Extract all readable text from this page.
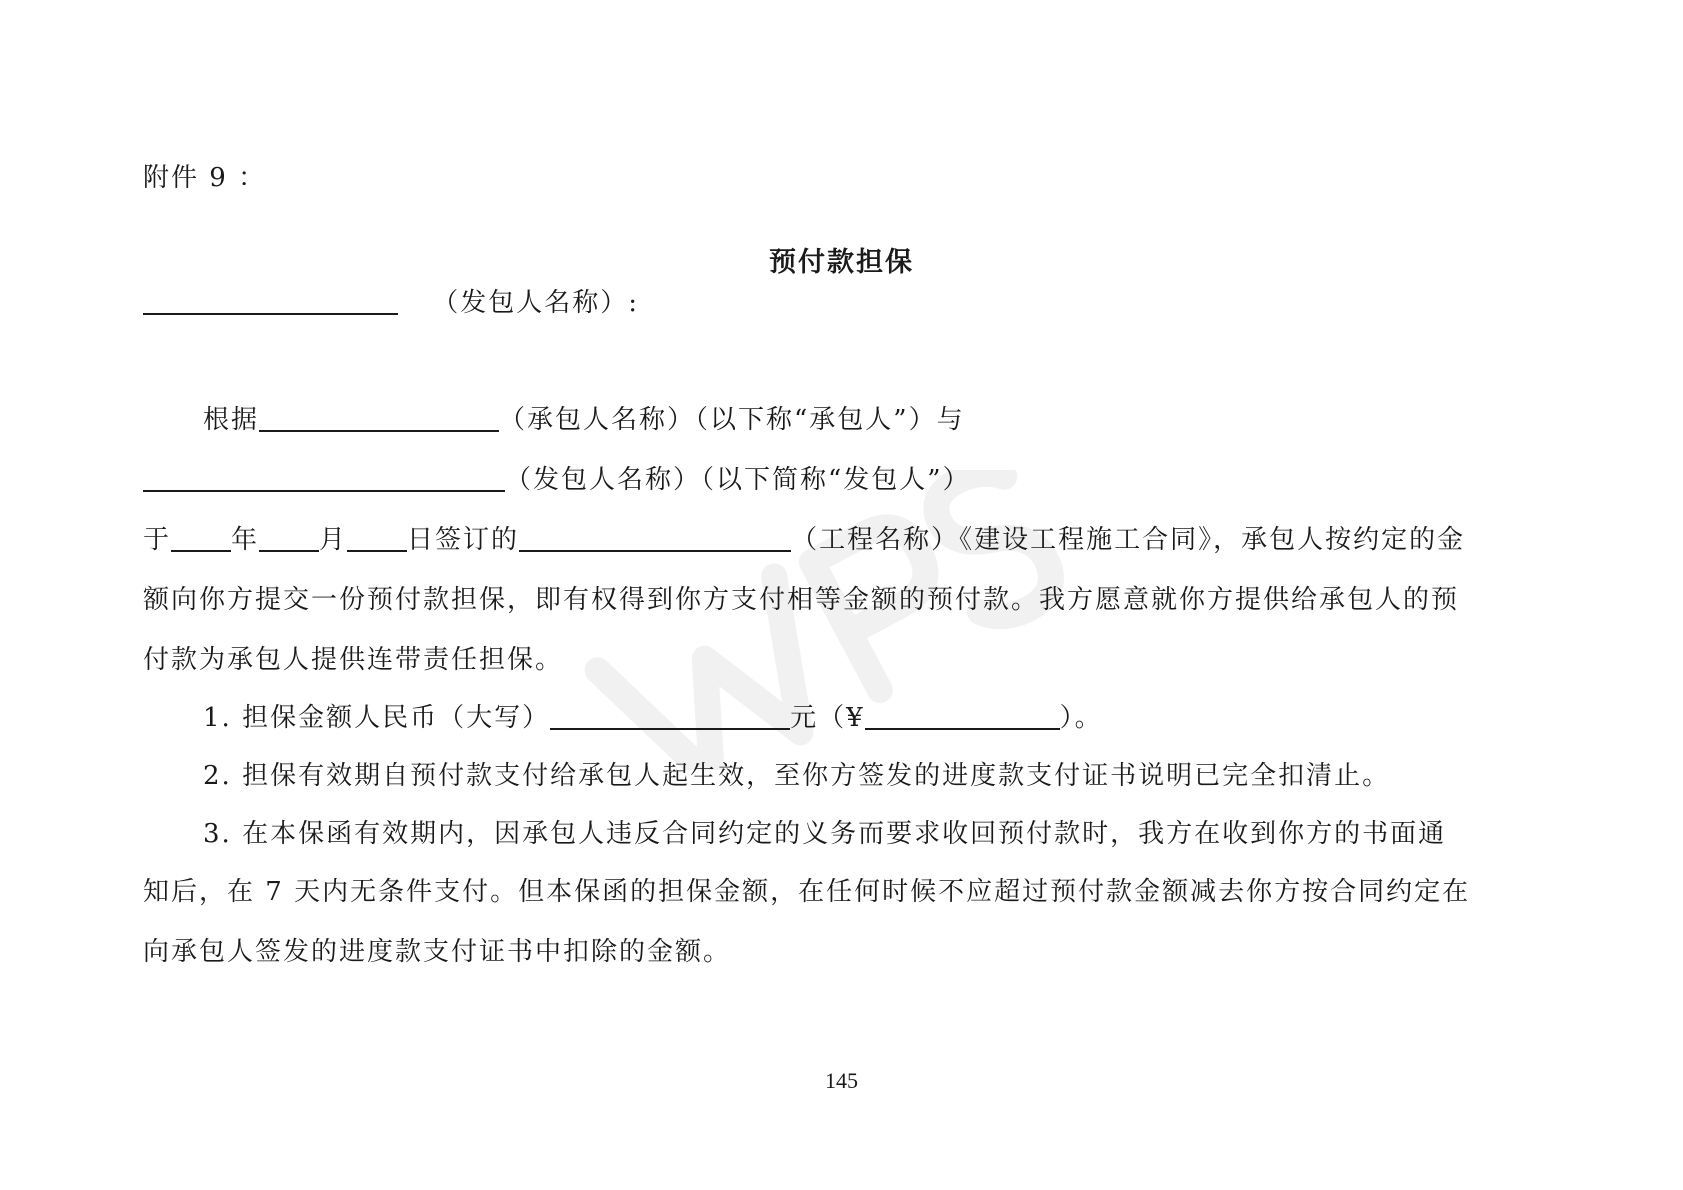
附件 9 ：
预付款担保
（发包人名称）:
根据	（承包人名称）（以下称“承包人”）与
（发包人名称）（以下简称“发包人”）
于 年 月 日签订的	（工程名称）《建设工程施工合同》，承包人按约定的金
额向你方提交一份预付款担保，即有权得到你方支付相等金额的预付款。我方愿意就你方提供给承包人的预
付款为承包人提供连带责任担保。
1. 担保金额人民币（大写）	元（¥	）。
2. 担保有效期自预付款支付给承包人起生效，至你方签发的进度款支付证书说明已完全扣清止。
3. 在本保函有效期内，因承包人违反合同约定的义务而要求收回预付款时，我方在收到你方的书面通
知后，在 7 天内无条件支付。但本保函的担保金额，在任何时候不应超过预付款金额减去你方按合同约定在
向承包人签发的进度款支付证书中扣除的金额。
145
